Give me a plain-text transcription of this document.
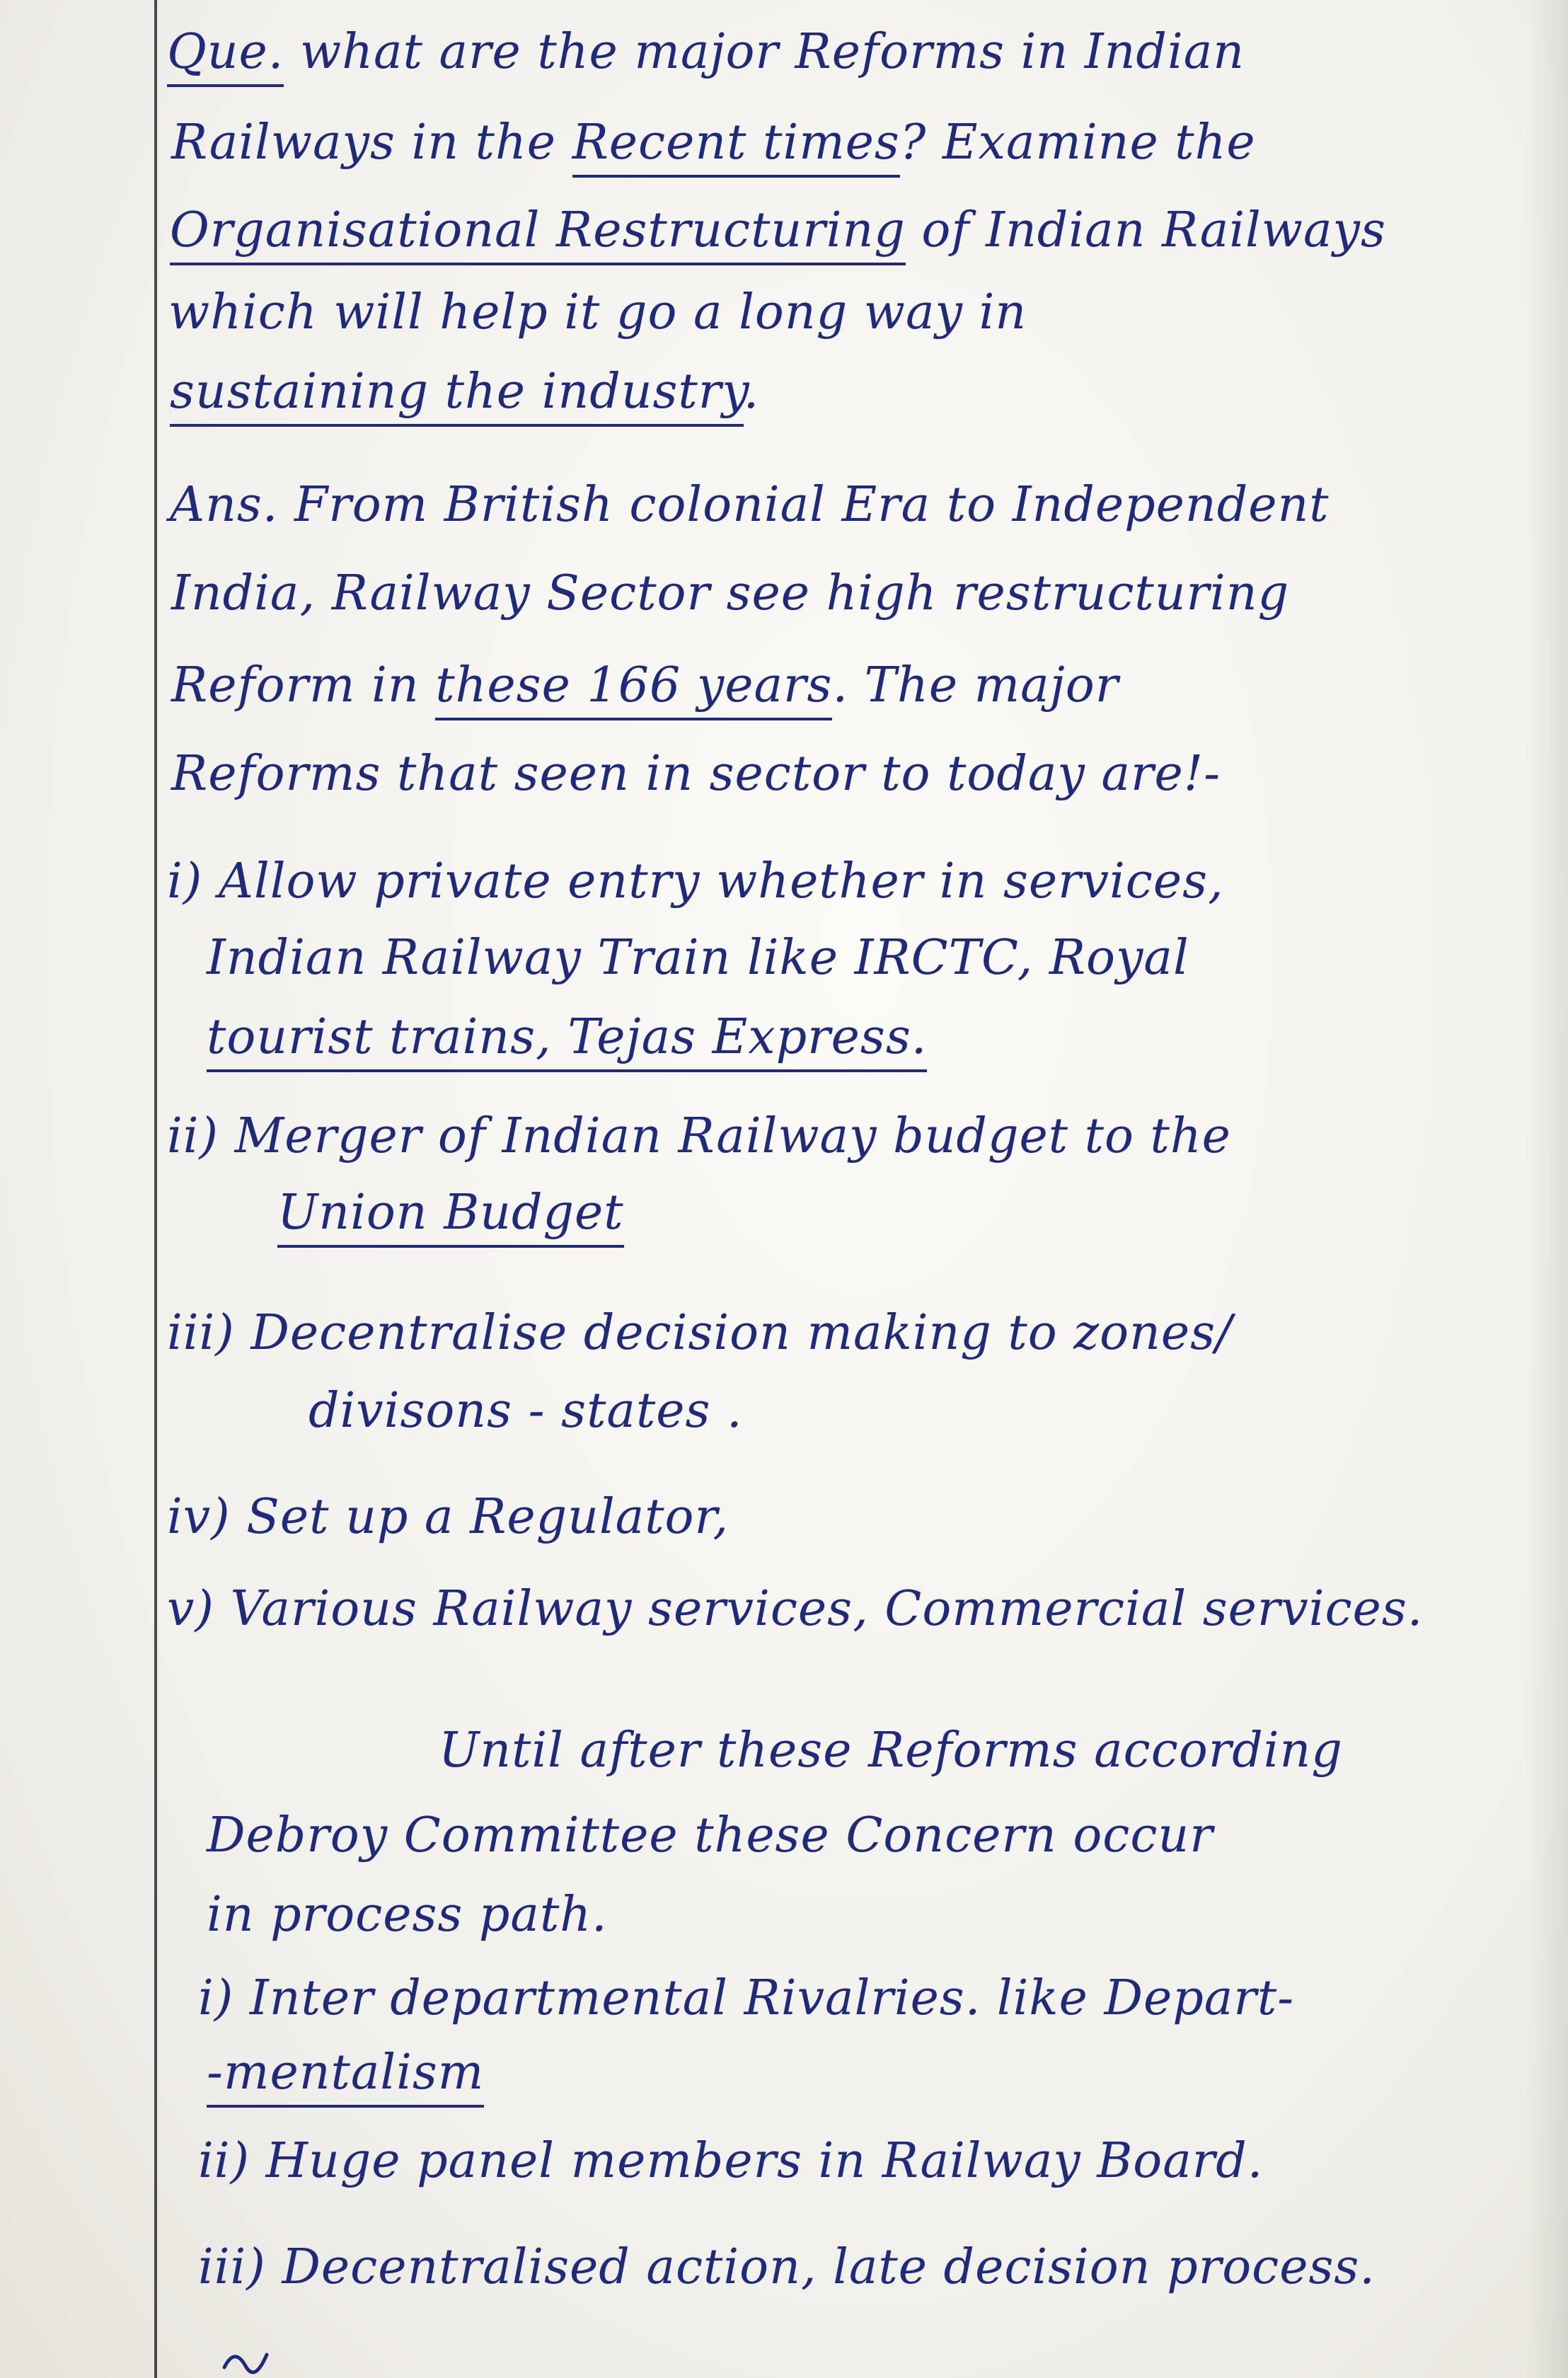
Que. what are the major Reforms in Indian
Railways in the Recent times? Examine the
Organisational Restructuring of Indian Railways
which will help it go a long way in
sustaining the industry.
Ans. From British colonial Era to Independent
India, Railway Sector see high restructuring
Reform in these 166 years. The major
Reforms that seen in sector to today are!-
i) Allow private entry whether in services,
Indian Railway Train like IRCTC, Royal
tourist trains, Tejas Express.
ii) Merger of Indian Railway budget to the
Union Budget
iii) Decentralise decision making to zones/
divisons - states .
iv) Set up a Regulator,
v) Various Railway services, Commercial services.
Until after these Reforms according
Debroy Committee these Concern occur
in process path.
i) Inter departmental Rivalries. like Depart-
-mentalism
ii) Huge panel members in Railway Board.
iii) Decentralised action, late decision process.
